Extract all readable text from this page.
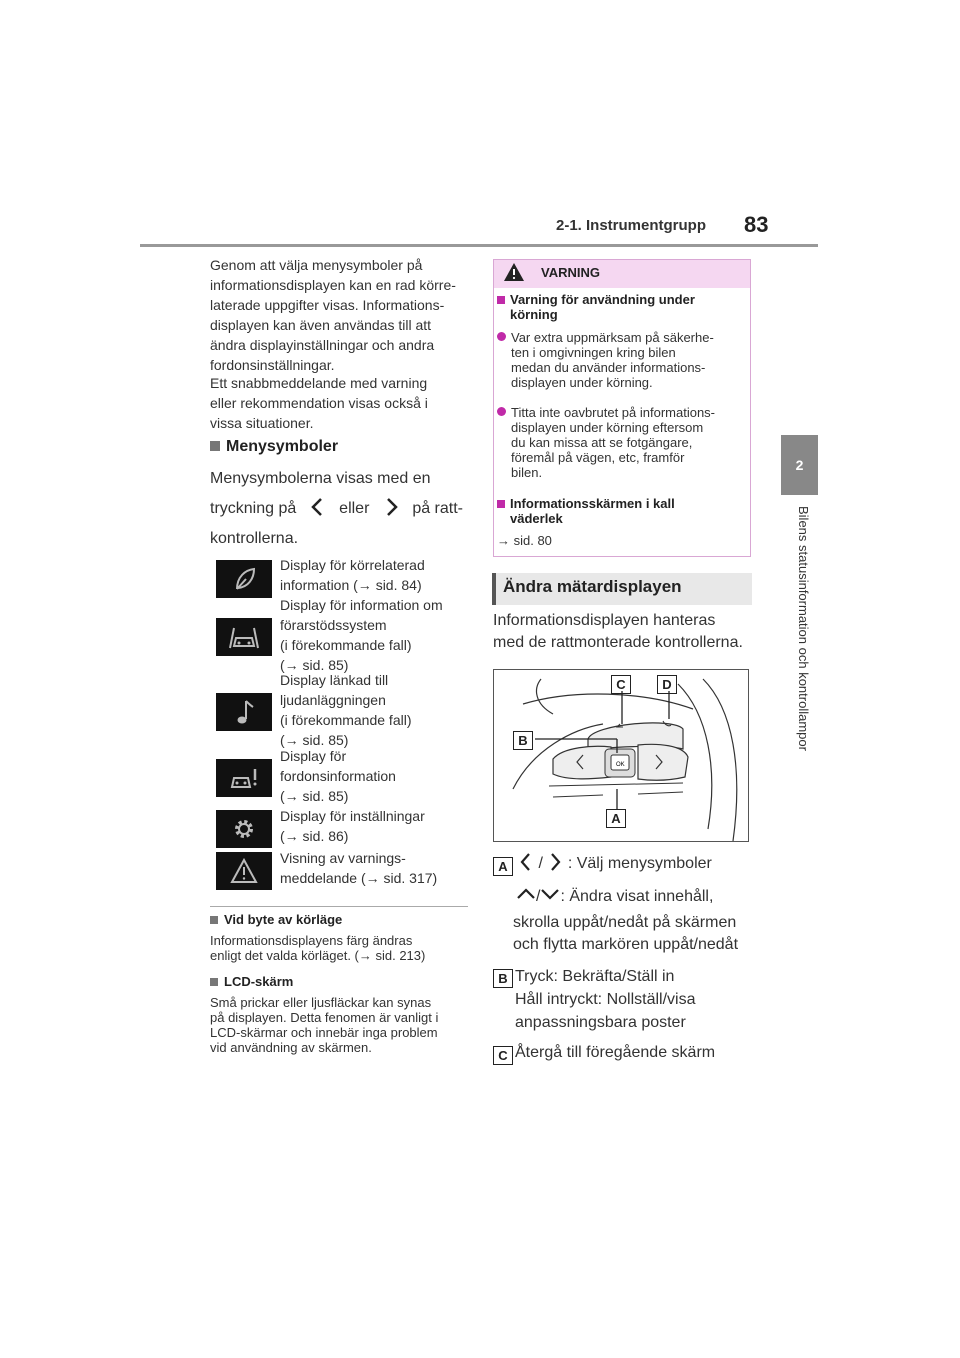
2-1. Instrumentgrupp 83
2
Bilens statusinformation och kontrollampor
Genom att välja menysymboler på
informationsdisplayen kan en rad körre-
laterade uppgifter visas. Informations-
displayen kan även användas till att
ändra displayinställningar och andra
fordonsinställningar.
Ett snabbmeddelande med varning
eller rekommendation visas också i
vissa situationer.
Menysymboler
Menysymbolerna visas med en
tryckning på	eller	på ratt-
kontrollerna.
Display för körrelaterad
information (→ sid. 84)
Display för information om
förarstödssystem
(i förekommande fall)
(→ sid. 85)
Display länkad till
ljudanläggningen
(i förekommande fall)
(→ sid. 85)
Display för
fordonsinformation
(→ sid. 85)
Display för inställningar
(→ sid. 86)
Visning av varnings-
meddelande (→ sid. 317)
Vid byte av körläge
Informationsdisplayens färg ändras
enligt det valda körläget. (→ sid. 213)
LCD-skärm
Små prickar eller ljusfläckar kan synas
på displayen. Detta fenomen är vanligt i
LCD-skärmar och innebär inga problem
vid användning av skärmen.
VARNING
Varning för användning under
körning
Var extra uppmärksam på säkerhe-
ten i omgivningen kring bilen
medan du använder informations-
displayen under körning.
Titta inte oavbrutet på informations-
displayen under körning eftersom
du kan missa att se fotgängare,
föremål på vägen, etc, framför
bilen.
Informationsskärmen i kall
väderlek
→ sid. 80
Ändra mätardisplayen
Informationsdisplayen hanteras
med de rattmonterade kontrollerna.
OK
C	D
B
A
A	/ : Välj menysymboler
/ : Ändra visat innehåll,
skrolla uppåt/nedåt på skärmen
och flytta markören uppåt/nedåt
B Tryck: Bekräfta/Ställ in
Håll intryckt: Nollställ/visa
anpassningsbara poster
C Återgå till föregående skärm
